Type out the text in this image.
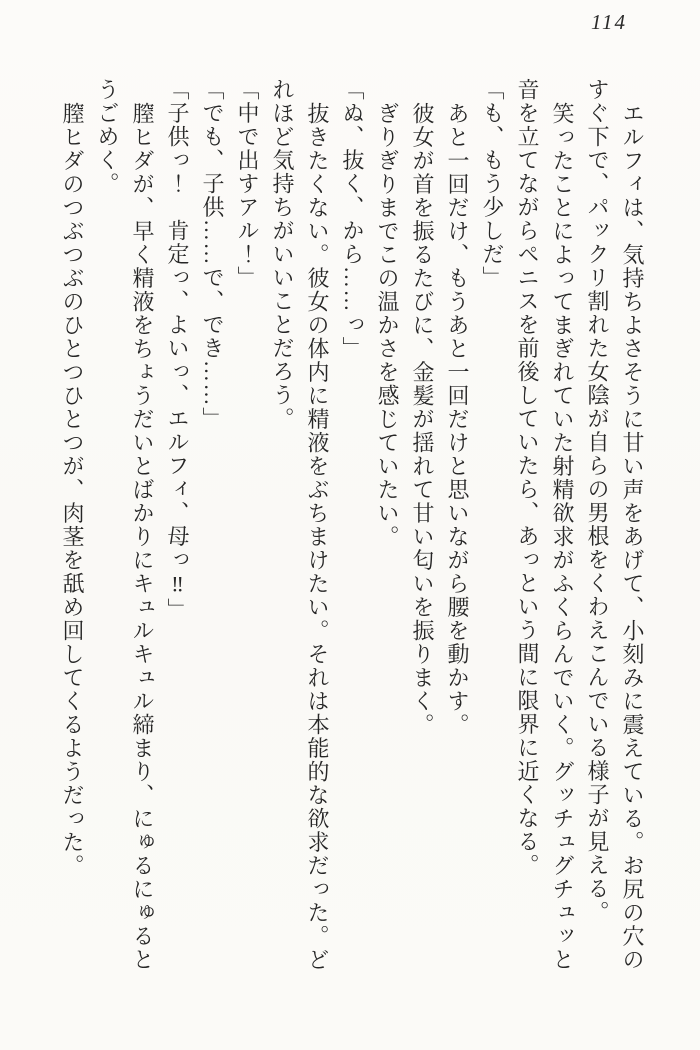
114
エルフィは、気持ちよさそうに甘い声をあげて、小刻みに震えている。お尻の穴の
すぐ下で、パックリ割れた女陰が自らの男根をくわえこんでいる様子が見える。
笑ったことによってまぎれていた射精欲求がふくらんでいく。グッチュグチュッと
音を立てながらペニスを前後していたら、あっという間に限界に近くなる。
「も、もう少しだ」
あと一回だけ、もうあと一回だけと思いながら腰を動かす。
彼女が首を振るたびに、金髪が揺れて甘い匂いを振りまく。
ぎりぎりまでこの温かさを感じていたい。
「ぬ、抜く、から……っ」
抜きたくない。彼女の体内に精液をぶちまけたい。それは本能的な欲求だった。ど
れほど気持ちがいいことだろう。
「中で出すアル！」
「でも、子供……で、でき……」
「子供っ！　肯定っ、よいっ、エルフィ、母っ‼」
膣ヒダが、早く精液をちょうだいとばかりにキュルキュル締まり、にゅるにゅると
うごめく。
膣ヒダのつぶつぶのひとつひとつが、肉茎を舐め回してくるようだった。
